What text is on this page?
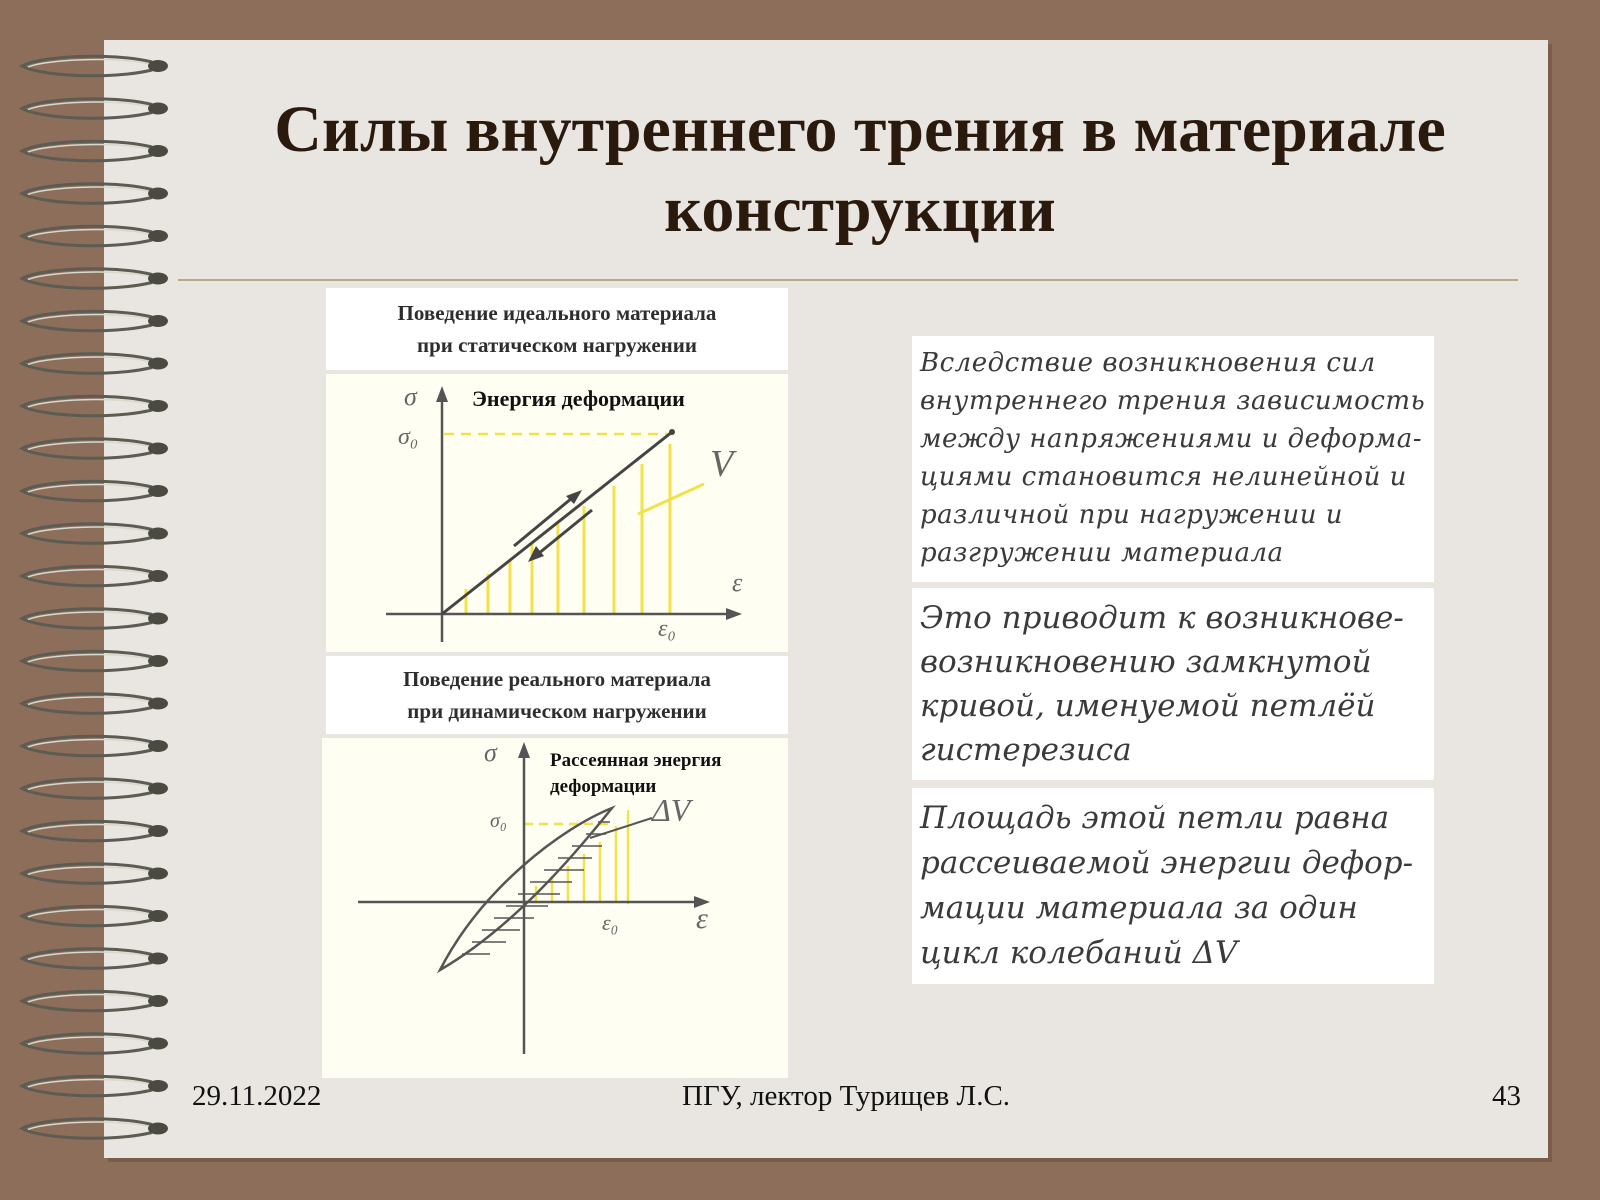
Силы внутреннего трения в материале конструкции
Поведение идеального материала
при статическом нагружении
σ
σ₀
Энергия деформации
V
ε
ε₀
Поведение реального материала
при динамическом нагружении
σ
σ₀
Рассеянная энергия
деформации
ΔV
ε
ε₀
Вследствие возникновения сил
внутреннего трения зависимость
между напряжениями и деформа-
циями становится нелинейной и
различной при нагружении и
разгружении материала
Это приводит к возникнове-
возникновению замкнутой
кривой, именуемой петлёй
гистерезиса
Площадь этой петли равна
рассеиваемой энергии дефор-
мации материала за один
цикл колебаний ΔV
29.11.2022	ПГУ, лектор Турищев Л.С.	43
